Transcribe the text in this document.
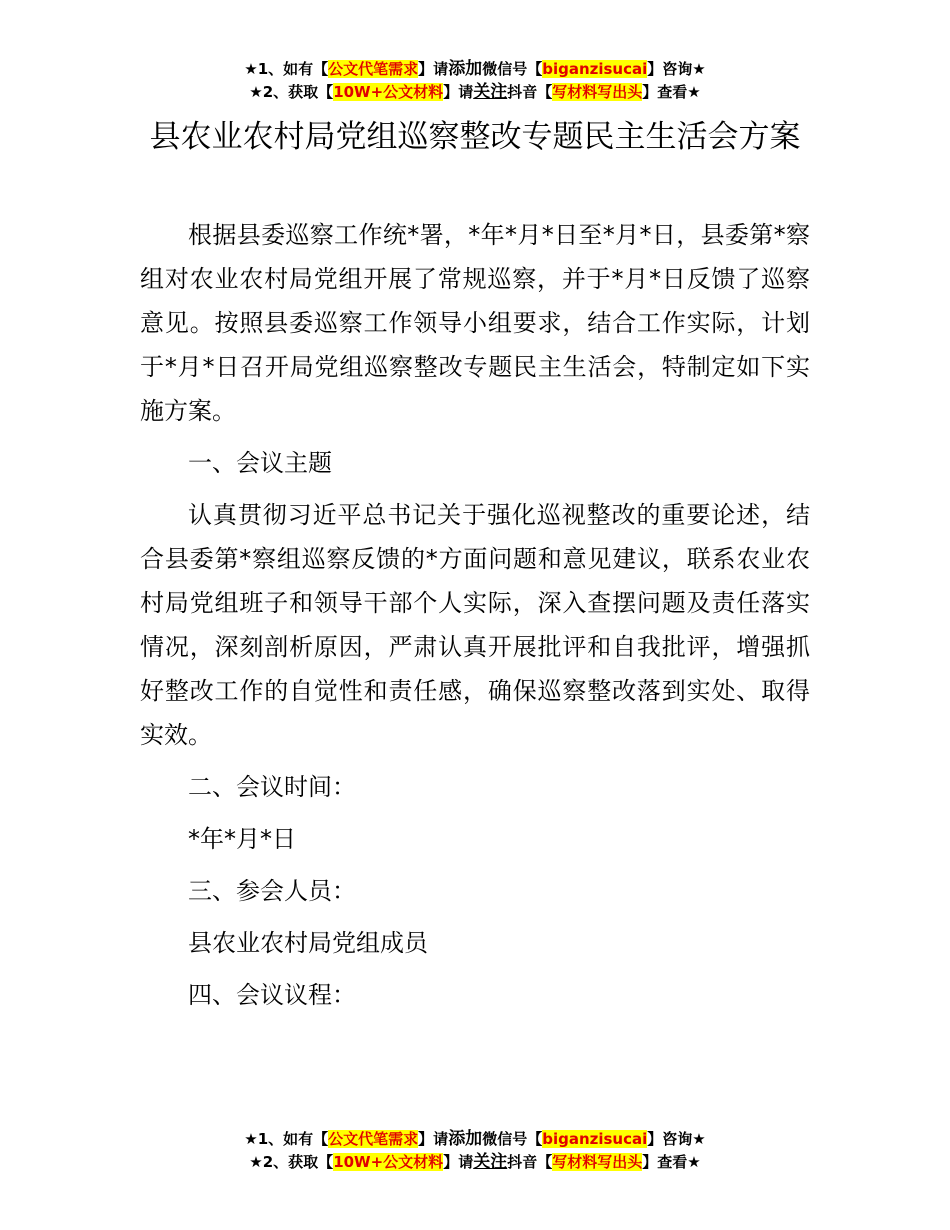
★1、如有【公文代笔需求】请添加微信号【biganzisucai】咨询★
★2、获取【10W+公文材料】请关注抖音【写材料写出头】查看★
县农业农村局党组巡察整改专题民主生活会方案

根据县委巡察工作统*署，*年*月*日至*月*日，县委第*察组对农业农村局党组开展了常规巡察，并于*月*日反馈了巡察意见。按照县委巡察工作领导小组要求，结合工作实际，计划于*月*日召开局党组巡察整改专题民主生活会，特制定如下实施方案。

一、会议主题

认真贯彻习近平总书记关于强化巡视整改的重要论述，结合县委第*察组巡察反馈的*方面问题和意见建议，联系农业农村局党组班子和领导干部个人实际，深入查摆问题及责任落实情况，深刻剖析原因，严肃认真开展批评和自我批评，增强抓好整改工作的自觉性和责任感，确保巡察整改落到实处、取得实效。

二、会议时间：

*年*月*日

三、参会人员：

县农业农村局党组成员

四、会议议程：

★1、如有【公文代笔需求】请添加微信号【biganzisucai】咨询★
★2、获取【10W+公文材料】请关注抖音【写材料写出头】查看★
